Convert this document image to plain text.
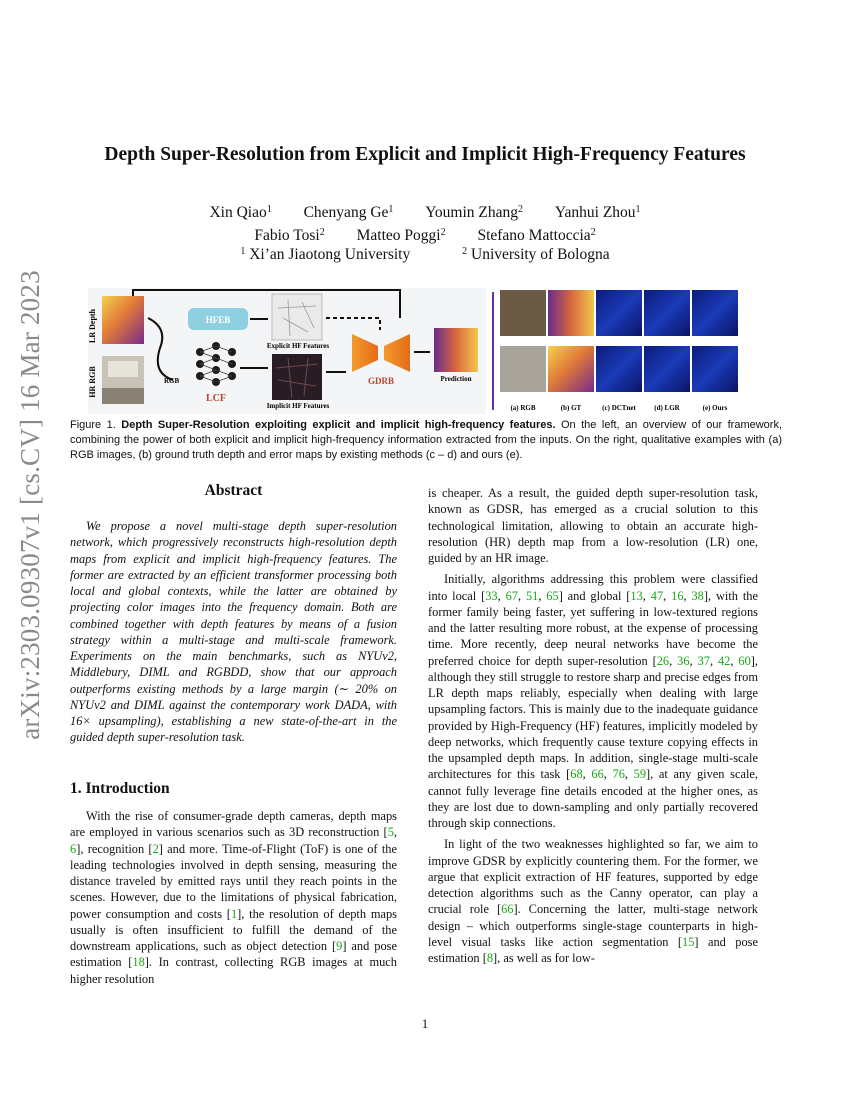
arXiv:2303.09307v1 [cs.CV] 16 Mar 2023
Depth Super-Resolution from Explicit and Implicit High-Frequency Features
Xin Qiao$^1$ Chenyang Ge$^1$ Youmin Zhang$^2$ Yanhui Zhou$^1$
Fabio Tosi$^2$ Matteo Poggi$^2$ Stefano Mattoccia$^2$
$^1$ Xi’an Jiaotong University	$^2$ University of Bologna
LR Depth
HR RGB	RGB
HFEB
LCF
Explicit HF Features
Implicit HF Features
GDRB	Prediction
(a) RGB	(b) GT	(c) DCTnet	(d) LGR	(e) Ours
Figure 1. Depth Super-Resolution exploiting explicit and implicit high-frequency features. On the left, an overview of our framework, combining the power of both explicit and implicit high-frequency information extracted from the inputs. On the right, qualitative examples with (a) RGB images, (b) ground truth depth and error maps by existing methods (c – d) and ours (e).
Abstract

We propose a novel multi-stage depth super-resolution network, which progressively reconstructs high-resolution depth maps from explicit and implicit high-frequency features. The former are extracted by an efficient transformer processing both local and global contexts, while the latter are obtained by projecting color images into the frequency domain. Both are combined together with depth features by means of a fusion strategy within a multi-stage and multi-scale framework. Experiments on the main benchmarks, such as NYUv2, Middlebury, DIML and RGBDD, show that our approach outperforms existing methods by a large margin (∼ 20% on NYUv2 and DIML against the contemporary work DADA, with 16× upsampling), establishing a new state-of-the-art in the guided depth super-resolution task.

1. Introduction

With the rise of consumer-grade depth cameras, depth maps are employed in various scenarios such as 3D reconstruction [5, 6], recognition [2] and more. Time-of-Flight (ToF) is one of the leading technologies involved in depth sensing, measuring the distance traveled by emitted rays until they reach points in the scenes. However, due to the limitations of physical fabrication, power consumption and costs [1], the resolution of depth maps usually is often insufficient to fulfill the demand of the downstream applications, such as object detection [9] and pose estimation [18]. In contrast, collecting RGB images at much higher resolution

is cheaper. As a result, the guided depth super-resolution task, known as GDSR, has emerged as a crucial solution to this technological limitation, allowing to obtain an accurate high-resolution (HR) depth map from a low-resolution (LR) one, guided by an HR image.

Initially, algorithms addressing this problem were classified into local [33, 67, 51, 65] and global [13, 47, 16, 38], with the former family being faster, yet suffering in low-textured regions and the latter resulting more robust, at the expense of processing time. More recently, deep neural networks have become the preferred choice for depth super-resolution [26, 36, 37, 42, 60], although they still struggle to restore sharp and precise edges from LR depth maps reliably, especially when dealing with large upsampling factors. This is mainly due to the inadequate guidance provided by High-Frequency (HF) features, implicitly modeled by deep networks, which frequently cause texture copying effects in the upsampled depth maps. In addition, single-stage multi-scale architectures for this task [68, 66, 76, 59], at any given scale, cannot fully leverage fine details encoded at the higher ones, as they are lost due to down-sampling and only partially recovered through skip connections.

In light of the two weaknesses highlighted so far, we aim to improve GDSR by explicitly countering them. For the former, we argue that explicit extraction of HF features, supported by edge detection algorithms such as the Canny operator, can play a crucial role [66]. Concerning the latter, multi-stage network design – which outperforms single-stage counterparts in high-level visual tasks like action segmentation [15] and pose estimation [8], as well as for low-

1
